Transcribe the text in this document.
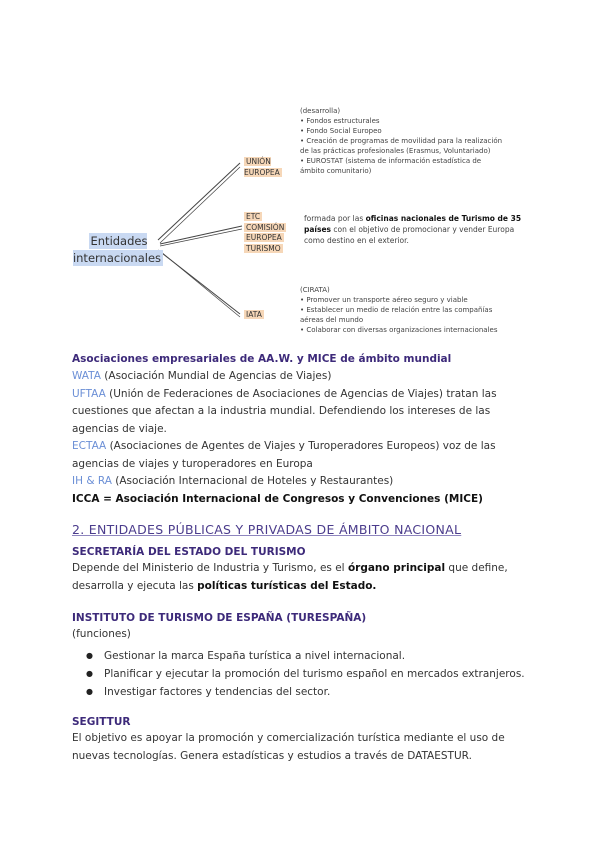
Entidades internacionales
UNIÓN EUROPEA
(desarrolla)
• Fondos estructurales
• Fondo Social Europeo
• Creación de programas de movilidad para la realización
de las prácticas profesionales (Erasmus, Voluntariado)
• EUROSTAT (sistema de información estadística de
ámbito comunitario)
ETC
COMISIÓN
EUROPEA
TURISMO
formada por las oficinas nacionales de Turismo de 35 países con el objetivo de promocionar y vender Europa como destino en el exterior.
IATA
(CIRATA)
• Promover un transporte aéreo seguro y viable
• Establecer un medio de relación entre las compañías
aéreas del mundo
• Colaborar con diversas organizaciones internacionales
Asociaciones empresariales de AA.W. y MICE de ámbito mundial
WATA (Asociación Mundial de Agencias de Viajes)
UFTAA (Unión de Federaciones de Asociaciones de Agencias de Viajes) tratan las cuestiones que afectan a la industria mundial. Defendiendo los intereses de las agencias de viaje.
ECTAA (Asociaciones de Agentes de Viajes y Turoperadores Europeos) voz de las agencias de viajes y turoperadores en Europa
IH & RA (Asociación Internacional de Hoteles y Restaurantes)
ICCA = Asociación Internacional de Congresos y Convenciones (MICE)
2. ENTIDADES PÚBLICAS Y PRIVADAS DE ÁMBITO NACIONAL
SECRETARÍA DEL ESTADO DEL TURISMO
Depende del Ministerio de Industria y Turismo, es el órgano principal que define, desarrolla y ejecuta las políticas turísticas del Estado.
INSTITUTO DE TURISMO DE ESPAÑA (TURESPAÑA)
(funciones)
● Gestionar la marca España turística a nivel internacional.
● Planificar y ejecutar la promoción del turismo español en mercados extranjeros.
● Investigar factores y tendencias del sector.
SEGITTUR
El objetivo es apoyar la promoción y comercialización turística mediante el uso de nuevas tecnologías. Genera estadísticas y estudios a través de DATAESTUR.
